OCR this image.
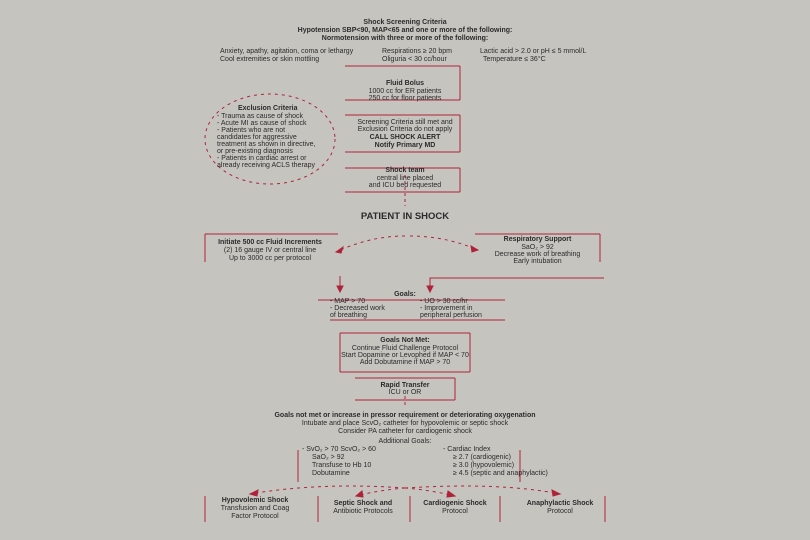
Shock Screening Criteria
Hypotension SBP<90, MAP<65 and one or more of the following:
Normotension with three or more of the following:
Anxiety, apathy, agitation, coma or lethargy
Cool extremities or skin mottling
Respirations ≥ 20 bpm
Oliguria < 30 cc/hour
Lactic acid > 2.0 or pH ≤ 5 mmol/L
Temperature ≤ 36°C
Fluid Bolus
1000 cc for ER patients
250 cc for floor patients
Exclusion Criteria
- Trauma as cause of shock
- Acute MI as cause of shock
- Patients who are not
candidates for aggressive
treatment as shown in directive,
or pre-existing diagnosis
- Patients in cardiac arrest or
already receiving ACLS therapy
Screening Criteria still met and
Exclusion Criteria do not apply
CALL SHOCK ALERT
Notify Primary MD
Shock team
central line placed
and ICU bed requested
PATIENT IN SHOCK
Initiate 500 cc Fluid Increments
(2) 16 gauge IV or central line
Up to 3000 cc per protocol
Respiratory Support
SaO₂ > 92
Decrease work of breathing
Early intubation
Goals:
- MAP > 70
- Decreased work
of breathing
- UO > 30 cc/hr
- Improvement in
peripheral perfusion
Goals Not Met:
Continue Fluid Challenge Protocol
Start Dopamine or Levophed if MAP < 70
Add Dobutamine if MAP > 70
Rapid Transfer
ICU or OR
Goals not met or increase in pressor requirement or deteriorating oxygenation
Intubate and place ScvO₂ catheter for hypovolemic or septic shock
Consider PA catheter for cardiogenic shock
Additional Goals:
- SvO₂ > 70 ScvO₂ > 60
SaO₂ > 92
Transfuse to Hb 10
Dobutamine
- Cardiac Index
≥ 2.7 (cardiogenic)
≥ 3.0 (hypovolemic)
≥ 4.5 (septic and anaphylactic)
Hypovolemic Shock
Transfusion and Coag
Factor Protocol
Septic Shock and
Antibiotic Protocols
Cardiogenic Shock
Protocol
Anaphylactic Shock
Protocol
